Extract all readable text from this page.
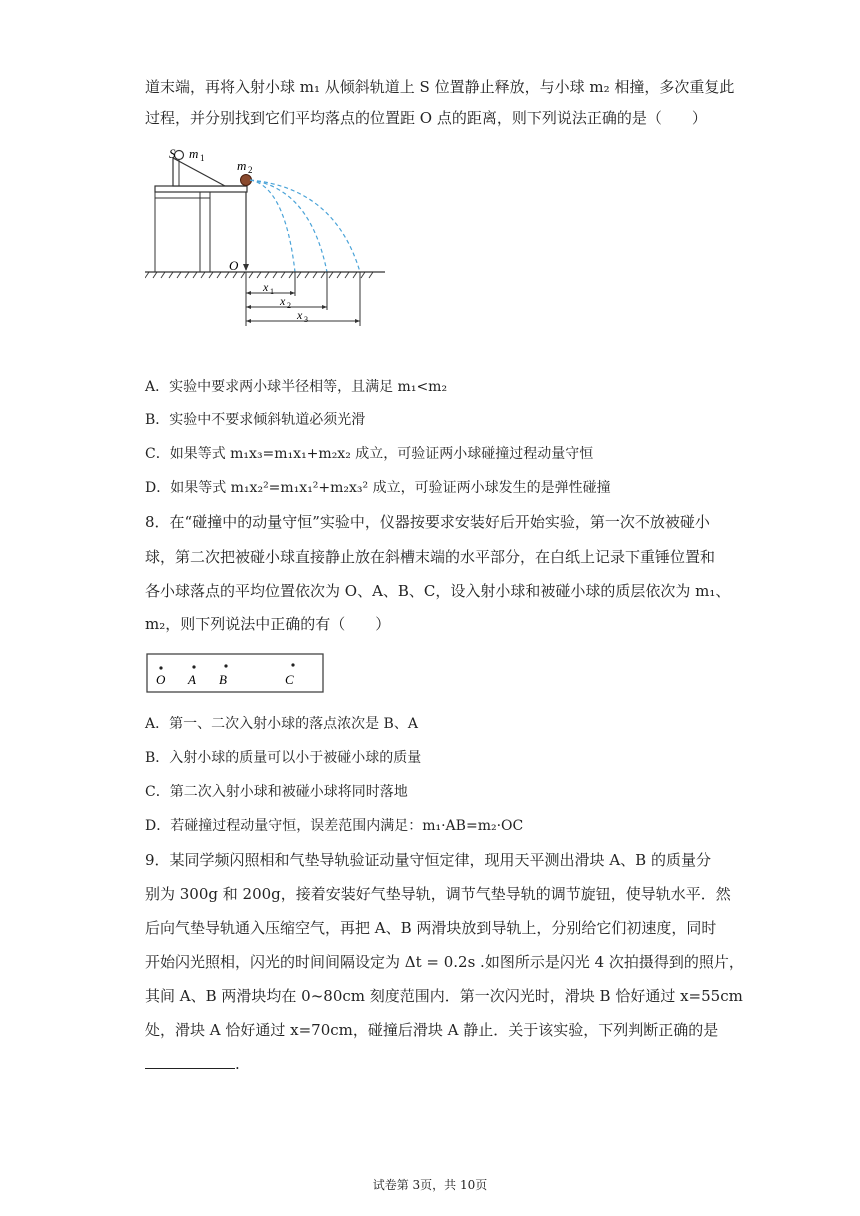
道末端，再将入射小球 m₁ 从倾斜轨道上 S 位置静止释放，与小球 m₂ 相撞，多次重复此
过程，并分别找到它们平均落点的位置距 O 点的距离，则下列说法正确的是（　　）
S m 1	m 2
O
x 1
x 2
x 3
A．实验中要求两小球半径相等，且满足 m₁<m₂
B．实验中不要求倾斜轨道必须光滑
C．如果等式 m₁x₃=m₁x₁+m₂x₂ 成立，可验证两小球碰撞过程动量守恒
D．如果等式 m₁x₂²=m₁x₁²+m₂x₃² 成立，可验证两小球发生的是弹性碰撞
8．在“碰撞中的动量守恒”实验中，仪器按要求安装好后开始实验，第一次不放被碰小
球，第二次把被碰小球直接静止放在斜槽末端的水平部分，在白纸上记录下重锤位置和
各小球落点的平均位置依次为 O、A、B、C，设入射小球和被碰小球的质层依次为 m₁、
m₂，则下列说法中正确的有（　　）
O A B	C
A．第一、二次入射小球的落点浓次是 B、A
B．入射小球的质量可以小于被碰小球的质量
C．第二次入射小球和被碰小球将同时落地
D．若碰撞过程动量守恒，误差范围内满足：m₁·AB=m₂·OC
9．某同学频闪照相和气垫导轨验证动量守恒定律，现用天平测出滑块 A、B 的质量分
别为 300g 和 200g，接着安装好气垫导轨，调节气垫导轨的调节旋钮，使导轨水平．然
后向气垫导轨通入压缩空气，再把 A、B 两滑块放到导轨上，分别给它们初速度，同时
开始闪光照相，闪光的时间间隔设定为 Δt = 0.2s .如图所示是闪光 4 次拍摄得到的照片，
其间 A、B 两滑块均在 0~80cm 刻度范围内．第一次闪光时，滑块 B 恰好通过 x=55cm
处，滑块 A 恰好通过 x=70cm，碰撞后滑块 A 静止．关于该实验，下列判断正确的是
.
试卷第 3页，共 10页
